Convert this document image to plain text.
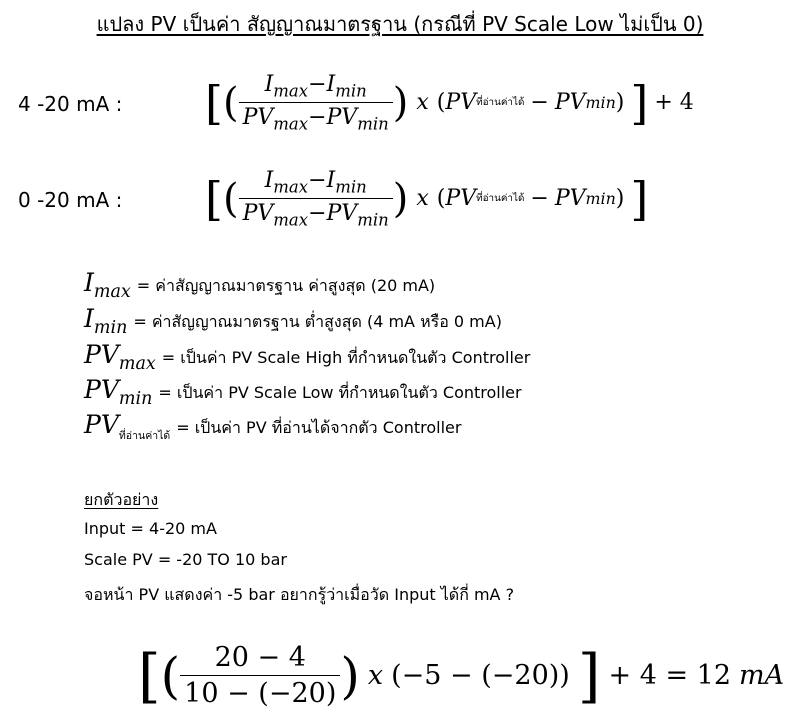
แปลง PV เป็นค่า สัญญาณมาตรฐาน (กรณีที่ PV Scale Low ไม่เป็น 0)
4 -20 mA : [ ( $\frac{I_{max}-I_{min}}{PV_{max}-PV_{min}}$ ) x ( PV ที่อ่านค่าได้ − PV min ) ] + 4
0 -20 mA : [ ( $\frac{I_{max}-I_{min}}{PV_{max}-PV_{min}}$ ) x ( PV ที่อ่านค่าได้ − PV min ) ]
$I_{max}$ = ค่าสัญญาณมาตรฐาน ค่าสูงสุด (20 mA)
$I_{min}$ = ค่าสัญญาณมาตรฐาน ต่ำสูงสุด (4 mA หรือ 0 mA)
$PV_{max}$ = เป็นค่า PV Scale High ที่กำหนดในตัว Controller
$PV_{min}$ = เป็นค่า PV Scale Low ที่กำหนดในตัว Controller
$PV_{ที่อ่านค่าได้}$ = เป็นค่า PV ที่อ่านได้จากตัว Controller
ยกตัวอย่าง
Input = 4-20 mA
Scale PV = -20 TO 10 bar
จอหน้า PV แสดงค่า -5 bar อยากรู้ว่าเมื่อวัด Input ได้กี่ mA ?
[ ( $\frac{20 - 4}{10 - (-20)}$ ) x ( −5 − (−20) ) ] + 4 = 12 mA
